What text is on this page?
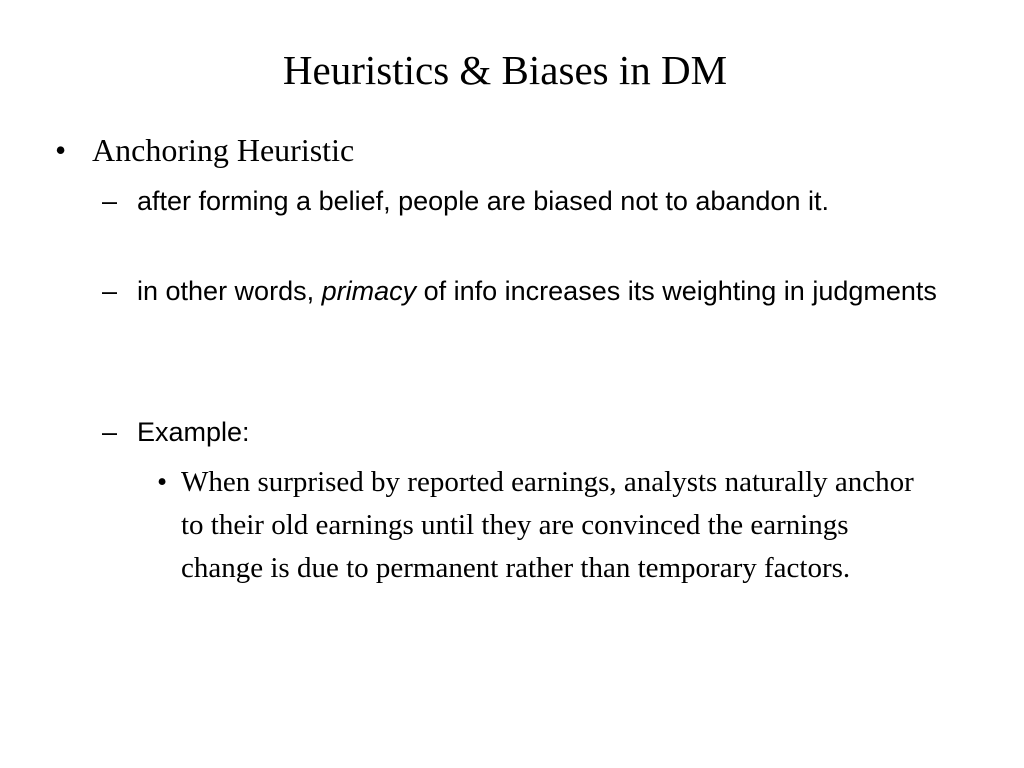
Heuristics & Biases in DM
• Anchoring Heuristic
– after forming a belief, people are biased not to abandon it.
– in other words, primacy of info increases its weighting in judgments
– Example:
• When surprised by reported earnings, analysts naturally anchor to their old earnings until they are convinced the earnings change is due to permanent rather than temporary factors.
